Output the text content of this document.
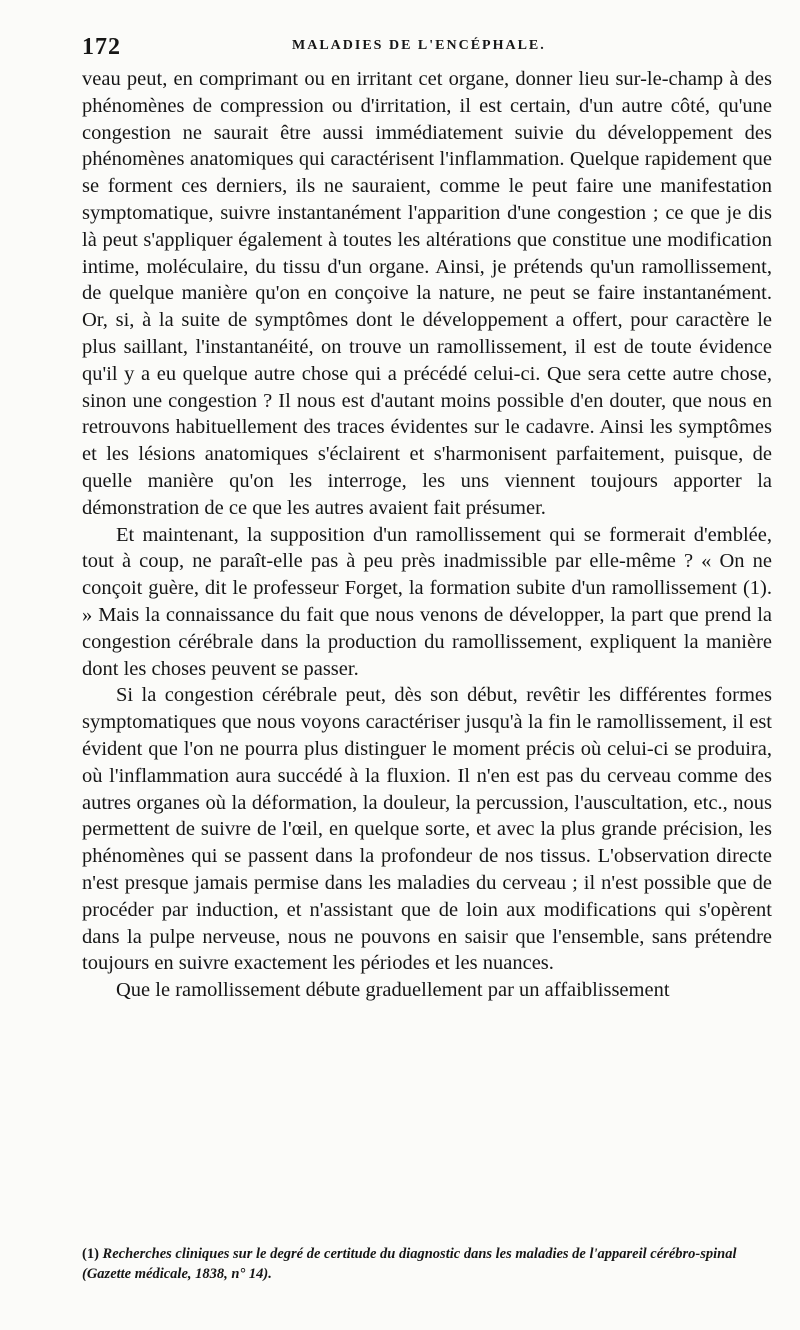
172	MALADIES DE L'ENCÉPHALE.

veau peut, en comprimant ou en irritant cet organe, donner lieu sur-le-champ à des phénomènes de compression ou d'irritation, il est certain, d'un autre côté, qu'une congestion ne saurait être aussi immédiatement suivie du développement des phénomènes anatomiques qui caractérisent l'inflammation. Quelque rapidement que se forment ces derniers, ils ne sauraient, comme le peut faire une manifestation symptomatique, suivre instantanément l'apparition d'une congestion ; ce que je dis là peut s'appliquer également à toutes les altérations que constitue une modification intime, moléculaire, du tissu d'un organe. Ainsi, je prétends qu'un ramollissement, de quelque manière qu'on en conçoive la nature, ne peut se faire instantanément. Or, si, à la suite de symptômes dont le développement a offert, pour caractère le plus saillant, l'instantanéité, on trouve un ramollissement, il est de toute évidence qu'il y a eu quelque autre chose qui a précédé celui-ci. Que sera cette autre chose, sinon une congestion ? Il nous est d'autant moins possible d'en douter, que nous en retrouvons habituellement des traces évidentes sur le cadavre. Ainsi les symptômes et les lésions anatomiques s'éclairent et s'harmonisent parfaitement, puisque, de quelle manière qu'on les interroge, les uns viennent toujours apporter la démonstration de ce que les autres avaient fait présumer.

Et maintenant, la supposition d'un ramollissement qui se formerait d'emblée, tout à coup, ne paraît-elle pas à peu près inadmissible par elle-même ? « On ne conçoit guère, dit le professeur Forget, la formation subite d'un ramollissement (1). » Mais la connaissance du fait que nous venons de développer, la part que prend la congestion cérébrale dans la production du ramollissement, expliquent la manière dont les choses peuvent se passer.

Si la congestion cérébrale peut, dès son début, revêtir les différentes formes symptomatiques que nous voyons caractériser jusqu'à la fin le ramollissement, il est évident que l'on ne pourra plus distinguer le moment précis où celui-ci se produira, où l'inflammation aura succédé à la fluxion. Il n'en est pas du cerveau comme des autres organes où la déformation, la douleur, la percussion, l'auscultation, etc., nous permettent de suivre de l'œil, en quelque sorte, et avec la plus grande précision, les phénomènes qui se passent dans la profondeur de nos tissus. L'observation directe n'est presque jamais permise dans les maladies du cerveau ; il n'est possible que de procéder par induction, et n'assistant que de loin aux modifications qui s'opèrent dans la pulpe nerveuse, nous ne pouvons en saisir que l'ensemble, sans prétendre toujours en suivre exactement les périodes et les nuances.

Que le ramollissement débute graduellement par un affaiblissement

(1) Recherches cliniques sur le degré de certitude du diagnostic dans les maladies de l'appareil cérébro-spinal (Gazette médicale, 1838, n° 14).
